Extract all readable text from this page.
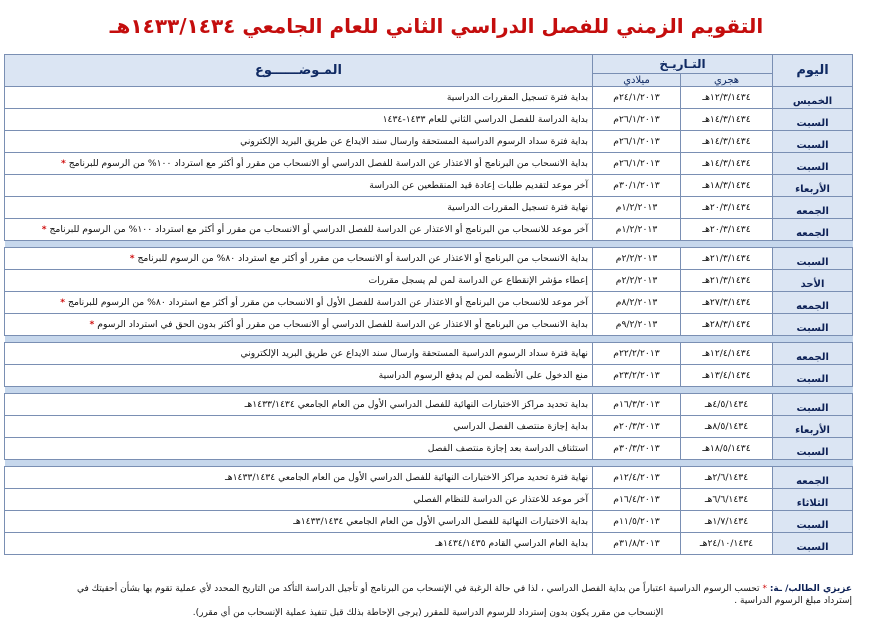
التقويم الزمني للفصل الدراسي الثاني للعام الجامعي ١٤٣٣/١٤٣٤هـ
اليوم	التـاريـخ		المـوضــــــوع
	هجري	ميلادي	
الخميس	١٢/٣/١٤٣٤هـ	٢٤/١/٢٠١٣م	بداية فترة تسجيل المقررات الدراسية
السبت	١٤/٣/١٤٣٤هـ	٢٦/١/٢٠١٣م	بداية الدراسة للفصل الدراسي الثاني للعام ١٤٣٣-١٤٣٤
السبت	١٤/٣/١٤٣٤هـ	٢٦/١/٢٠١٣م	بداية فترة سداد الرسوم الدراسية المستحقة وارسال سند الايداع عن طريق البريد الإلكتروني
السبت	١٤/٣/١٤٣٤هـ	٢٦/١/٢٠١٣م	بداية الانسحاب من البرنامج أو الاعتذار عن الدراسة للفصل الدراسي أو الانسحاب من مقرر أو أكثر مع استرداد ١٠٠% من الرسوم للبرنامج *
الأربعاء	١٨/٣/١٤٣٤هـ	٣٠/١/٢٠١٣م	آخر موعد لتقديم طلبات إعادة قيد المنقطعين عن الدراسة
الجمعه	٢٠/٣/١٤٣٤هـ	١/٢/٢٠١٣م	نهاية فترة تسجيل المقررات الدراسية
الجمعه	٢٠/٣/١٤٣٤هـ	١/٢/٢٠١٣م	آخر موعد للانسحاب من البرنامج أو الاعتذار عن الدراسة للفصل الدراسي أو الانسحاب من مقرر أو أكثر مع استرداد ١٠٠% من الرسوم للبرنامج *

السبت	٢١/٣/١٤٣٤هـ	٢/٢/٢٠١٣م	بداية الانسحاب من البرنامج أو الاعتذار عن الدراسة أو الانسحاب من مقرر أو أكثر مع استرداد ٨٠% من الرسوم للبرنامج *
الأحد	٢١/٣/١٤٣٤هـ	٢/٢/٢٠١٣م	إعطاء مؤشر الإنقطاع عن الدراسة لمن لم يسجل مقررات
الجمعه	٢٧/٣/١٤٣٤هـ	٨/٢/٢٠١٣م	آخر موعد للانسحاب من البرنامج أو الاعتذار عن الدراسة للفصل الأول أو الانسحاب من مقرر أو أكثر مع استرداد ٨٠% من الرسوم للبرنامج *
السبت	٢٨/٣/١٤٣٤هـ	٩/٢/٢٠١٣م	بداية الانسحاب من البرنامج أو الاعتذار عن الدراسة للفصل الدراسي أو الانسحاب من مقرر أو أكثر بدون الحق في استرداد الرسوم *

الجمعه	١٢/٤/١٤٣٤هـ	٢٢/٢/٢٠١٣م	نهاية فترة سداد الرسوم الدراسية المستحقة وارسال سند الايداع عن طريق البريد الإلكتروني
السبت	١٣/٤/١٤٣٤هـ	٢٣/٢/٢٠١٣م	منع الدخول على الأنظمه لمن لم يدفع الرسوم الدراسية

السبت	٤/٥/١٤٣٤هـ	١٦/٣/٢٠١٣م	بداية تحديد مراكز الاختبارات النهائية للفصل الدراسي الأول من العام الجامعي ١٤٣٣/١٤٣٤هـ
الأربعاء	٨/٥/١٤٣٤هـ	٢٠/٣/٢٠١٣م	بداية إجازة منتصف الفصل الدراسي
السبت	١٨/٥/١٤٣٤هـ	٣٠/٣/٢٠١٣م	استئناف الدراسة بعد إجازة منتصف الفصل

الجمعه	٢/٦/١٤٣٤هـ	١٢/٤/٢٠١٣م	نهاية فترة تحديد مراكز الاختبارات النهائية للفصل الدراسي الأول من العام الجامعي ١٤٣٣/١٤٣٤هـ
الثلاثاء	٦/٦/١٤٣٤هـ	١٦/٤/٢٠١٣م	آخر موعد للاعتذار عن الدراسة للنظام الفصلي
السبت	١/٧/١٤٣٤هـ	١١/٥/٢٠١٣م	بداية الاختبارات النهائية للفصل الدراسي الأول من العام الجامعي ١٤٣٣/١٤٣٤هـ
السبت	٢٤/١٠/١٤٣٤هـ	٣١/٨/٢٠١٣م	بداية العام الدراسي القادم ١٤٣٤/١٤٣٥هـ
عزيزي الطالب/ ـة: * تحسب الرسوم الدراسية اعتباراً من بداية الفصل الدراسي ، لذا في حالة الرغبة في الإنسحاب من البرنامج أو تأجيل الدراسة التأكد من التاريخ المحدد لأي عملية تقوم بها بشأن أحقيتك في
إسترداد مبلغ الرسوم الدراسية .
الإنسحاب من مقرر يكون بدون إسترداد للرسوم الدراسية للمقرر (يرجى الإحاطة بذلك قبل تنفيذ عملية الإنسحاب من أي مقرر).
